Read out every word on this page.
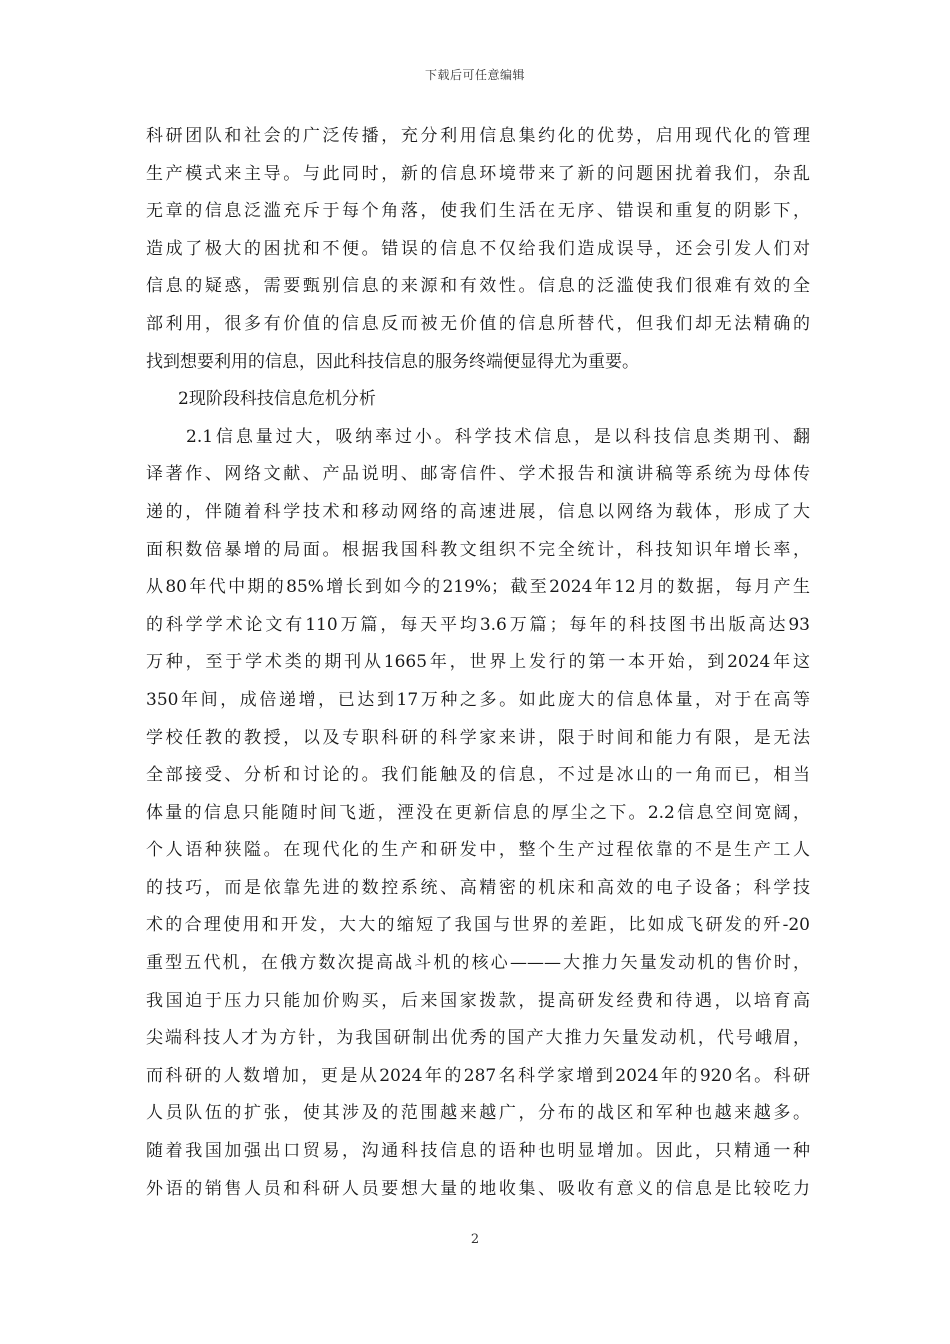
下载后可任意编辑
科研团队和社会的广泛传播，充分利用信息集约化的优势，启用现代化的管理
生产模式来主导。与此同时，新的信息环境带来了新的问题困扰着我们，杂乱
无章的信息泛滥充斥于每个角落，使我们生活在无序、错误和重复的阴影下，
造成了极大的困扰和不便。错误的信息不仅给我们造成误导，还会引发人们对
信息的疑惑，需要甄别信息的来源和有效性。信息的泛滥使我们很难有效的全
部利用，很多有价值的信息反而被无价值的信息所替代，但我们却无法精确的
找到想要利用的信息，因此科技信息的服务终端便显得尤为重要。
2现阶段科技信息危机分析
2.1信息量过大，吸纳率过小。科学技术信息，是以科技信息类期刊、翻
译著作、网络文献、产品说明、邮寄信件、学术报告和演讲稿等系统为母体传
递的，伴随着科学技术和移动网络的高速进展，信息以网络为载体，形成了大
面积数倍暴增的局面。根据我国科教文组织不完全统计，科技知识年增长率，
从80年代中期的85%增长到如今的219%；截至2024年12月的数据，每月产生
的科学学术论文有110万篇，每天平均3.6万篇；每年的科技图书出版高达93
万种，至于学术类的期刊从1665年，世界上发行的第一本开始，到2024年这
350年间，成倍递增，已达到17万种之多。如此庞大的信息体量，对于在高等
学校任教的教授，以及专职科研的科学家来讲，限于时间和能力有限，是无法
全部接受、分析和讨论的。我们能触及的信息，不过是冰山的一角而已，相当
体量的信息只能随时间飞逝，湮没在更新信息的厚尘之下。2.2信息空间宽阔，
个人语种狭隘。在现代化的生产和研发中，整个生产过程依靠的不是生产工人
的技巧，而是依靠先进的数控系统、高精密的机床和高效的电子设备；科学技
术的合理使用和开发，大大的缩短了我国与世界的差距，比如成飞研发的歼-20
重型五代机，在俄方数次提高战斗机的核心———大推力矢量发动机的售价时，
我国迫于压力只能加价购买，后来国家拨款，提高研发经费和待遇，以培育高
尖端科技人才为方针，为我国研制出优秀的国产大推力矢量发动机，代号峨眉，
而科研的人数增加，更是从2024年的287名科学家增到2024年的920名。科研
人员队伍的扩张，使其涉及的范围越来越广，分布的战区和军种也越来越多。
随着我国加强出口贸易，沟通科技信息的语种也明显增加。因此，只精通一种
外语的销售人员和科研人员要想大量的地收集、吸收有意义的信息是比较吃力
2
